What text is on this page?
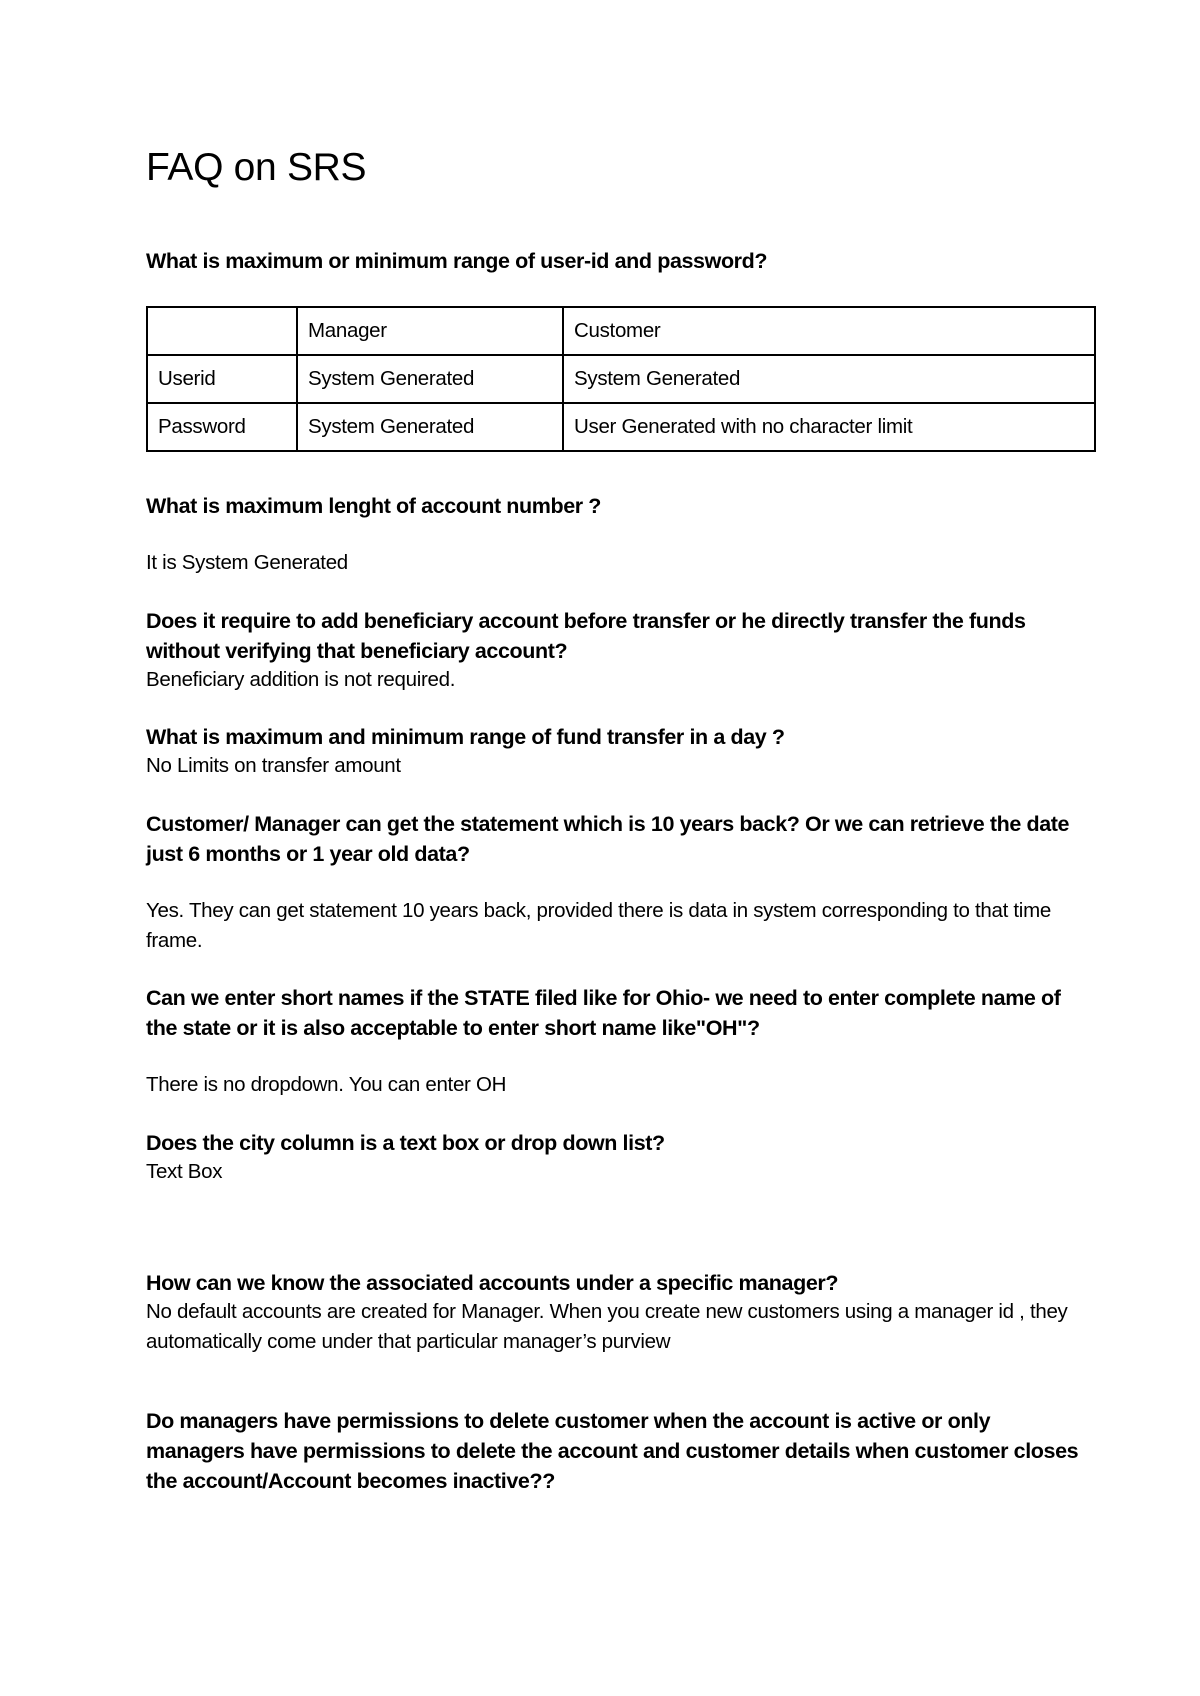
FAQ on SRS

What is maximum or minimum range of user-id and password?

	Manager	Customer
Userid	System Generated	System Generated
Password	System Generated	User Generated with no character limit

What is maximum lenght of account number ?

It is System Generated

Does it require to add beneficiary account before transfer or he directly transfer the funds without verifying that beneficiary account?

Beneficiary addition is not required.

What is maximum and minimum range of fund transfer in a day ?

No Limits on transfer amount

Customer/ Manager can get the statement which is 10 years back? Or we can retrieve the date just 6 months or 1 year old data?

Yes. They can get statement 10 years back, provided there is data in system corresponding to that time frame.

Can we enter short names if the STATE filed like for Ohio- we need to enter complete name of the state or it is also acceptable to enter short name like"OH"?

There is no dropdown. You can enter OH

Does the city column is a text box or drop down list?

Text Box

How can we know the associated accounts under a specific manager?

No default accounts are created for Manager. When you create new customers using a manager id , they automatically come under that particular manager’s purview

Do managers have permissions to delete customer when the account is active or only managers have permissions to delete the account and customer details when customer closes the account/Account becomes inactive??
